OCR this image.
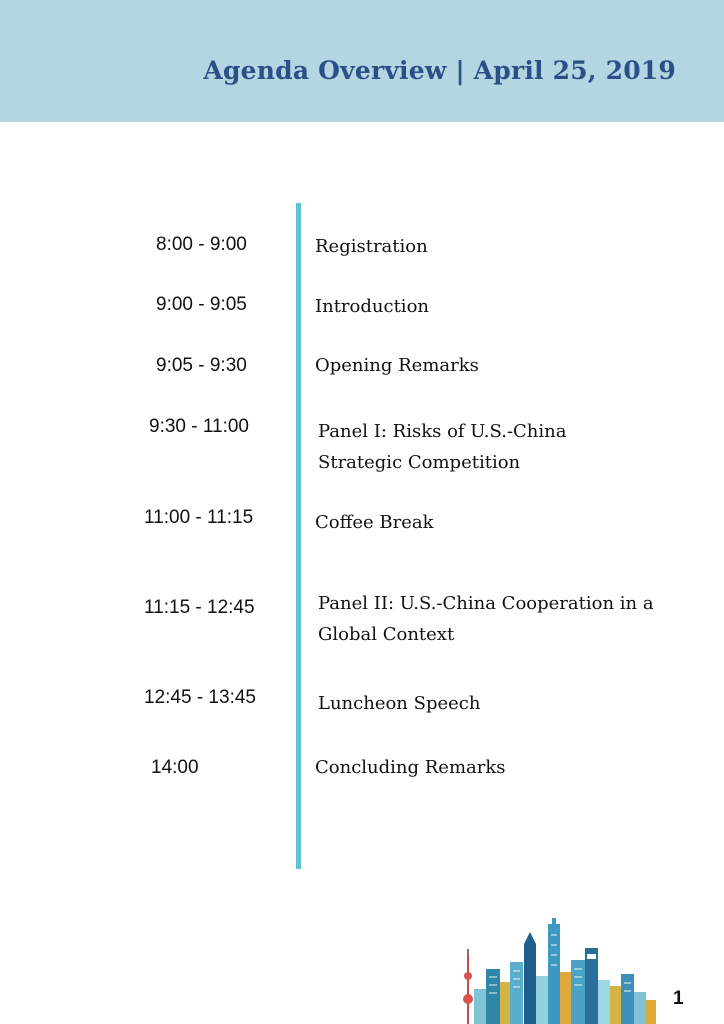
Agenda Overview | April 25, 2019
8:00 - 9:00	Registration
9:00 - 9:05	Introduction
9:05 - 9:30	Opening Remarks
9:30 - 11:00	Panel I: Risks of U.S.-China Strategic Competition
11:00 - 11:15	Coffee Break
11:15 - 12:45	Panel II: U.S.-China Cooperation in a Global Context
12:45 - 13:45	Luncheon Speech
14:00	Concluding Remarks
1
